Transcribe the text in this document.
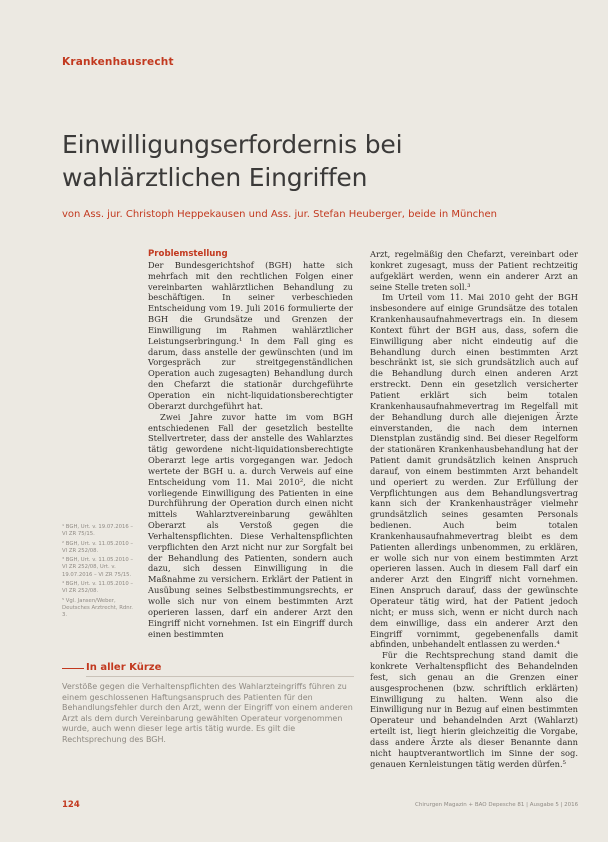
Krankenhausrecht
Einwilligungserfordernis bei
wahlärztlichen Eingriffen
von Ass. jur. Christoph Heppekausen und Ass. jur. Stefan Heuberger, beide in München
Problemstellung

Der Bundesgerichtshof (BGH) hatte sich mehrfach mit den rechtlichen Folgen einer vereinbarten wahlärztlichen Behandlung zu beschäftigen. In seiner verbeschieden Entscheidung vom 19. Juli 2016 formulierte der BGH die Grundsätze und Grenzen der Einwilligung im Rahmen wahlärztlicher Leistungserbringung.¹ In dem Fall ging es darum, dass anstelle der gewünschten (und im Vorgespräch zur streitgegenständlichen Operation auch zugesagten) Behandlung durch den Chefarzt die stationär durchgeführte Operation ein nicht-liquidationsberechtigter Oberarzt durchgeführt hat.

Zwei Jahre zuvor hatte im vom BGH entschiedenen Fall der gesetzlich bestellte Stellvertreter, dass der anstelle des Wahlarztes tätig gewordene nicht-liquidationsberechtigte Oberarzt lege artis vorgegangen war. Jedoch wertete der BGH u. a. durch Verweis auf eine Entscheidung vom 11. Mai 2010², die nicht vorliegende Einwilligung des Patienten in eine Durchführung der Operation durch einen nicht mittels Wahlarztvereinbarung gewählten Oberarzt als Verstoß gegen die Verhaltenspflichten. Diese Verhaltenspflichten verpflichten den Arzt nicht nur zur Sorgfalt bei der Behandlung des Patienten, sondern auch dazu, sich dessen Einwilligung in die Maßnahme zu versichern. Erklärt der Patient in Ausübung seines Selbstbestimmungsrechts, er wolle sich nur von einem bestimmten Arzt operieren lassen, darf ein anderer Arzt den Eingriff nicht vornehmen. Ist ein Eingriff durch einen bestimmten

Arzt, regelmäßig den Chefarzt, vereinbart oder konkret zugesagt, muss der Patient rechtzeitig aufgeklärt werden, wenn ein anderer Arzt an seine Stelle treten soll.³

Im Urteil vom 11. Mai 2010 geht der BGH insbesondere auf einige Grundsätze des totalen Krankenhausaufnahmevertrags ein. In diesem Kontext führt der BGH aus, dass, sofern die Einwilligung aber nicht eindeutig auf die Behandlung durch einen bestimmten Arzt beschränkt ist, sie sich grundsätzlich auch auf die Behandlung durch einen anderen Arzt erstreckt. Denn ein gesetzlich versicherter Patient erklärt sich beim totalen Krankenhausaufnahmevertrag im Regelfall mit der Behandlung durch alle diejenigen Ärzte einverstanden, die nach dem internen Dienstplan zuständig sind. Bei dieser Regelform der stationären Krankenhausbehandlung hat der Patient damit grundsätzlich keinen Anspruch darauf, von einem bestimmten Arzt behandelt und operiert zu werden. Zur Erfüllung der Verpflichtungen aus dem Behandlungsvertrag kann sich der Krankenhausträger vielmehr grundsätzlich seines gesamten Personals bedienen. Auch beim totalen Krankenhausaufnahmevertrag bleibt es dem Patienten allerdings unbenommen, zu erklären, er wolle sich nur von einem bestimmten Arzt operieren lassen. Auch in diesem Fall darf ein anderer Arzt den Eingriff nicht vornehmen. Einen Anspruch darauf, dass der gewünschte Operateur tätig wird, hat der Patient jedoch nicht; er muss sich, wenn er nicht durch nach dem einwillige, dass ein anderer Arzt den Eingriff vornimmt, gegebenenfalls damit abfinden, unbehandelt entlassen zu werden.⁴

Für die Rechtsprechung stand damit die konkrete Verhaltenspflicht des Behandelnden fest, sich genau an die Grenzen einer ausgesprochenen (bzw. schriftlich erklärten) Einwilligung zu halten. Wenn also die Einwilligung nur in Bezug auf einen bestimmten Operateur und behandelnden Arzt (Wahlarzt) erteilt ist, liegt hierin gleichzeitig die Vorgabe, dass andere Ärzte als dieser Benannte dann nicht hauptverantwortlich im Sinne der sog. genauen Kernleistungen tätig werden dürfen.⁵

¹ BGH, Urt. v. 19.07.2016 – VI ZR 75/15.

² BGH, Urt. v. 11.05.2010 – VI ZR 252/08.

³ BGH, Urt. v. 11.05.2010 – VI ZR 252/08, Urt. v. 19.07.2016 – VI ZR 75/15.

⁴ BGH, Urt. v. 11.05.2010 – VI ZR 252/08.

⁵ Vgl. Jansen/Weber, Deutsches Arztrecht, Rdnr. 3.

In aller Kürze
Verstöße gegen die Verhaltenspflichten des Wahlarzteingriffs führen zu einem geschlossenen Haftungsanspruch des Patienten für den Behandlungsfehler durch den Arzt, wenn der Eingriff von einem anderen Arzt als dem durch Vereinbarung gewählten Operateur vorgenommen wurde, auch wenn dieser lege artis tätig wurde. Es gilt die Rechtsprechung des BGH.
124	Chirurgen Magazin + BAO Depesche 81 | Ausgabe 5 | 2016
